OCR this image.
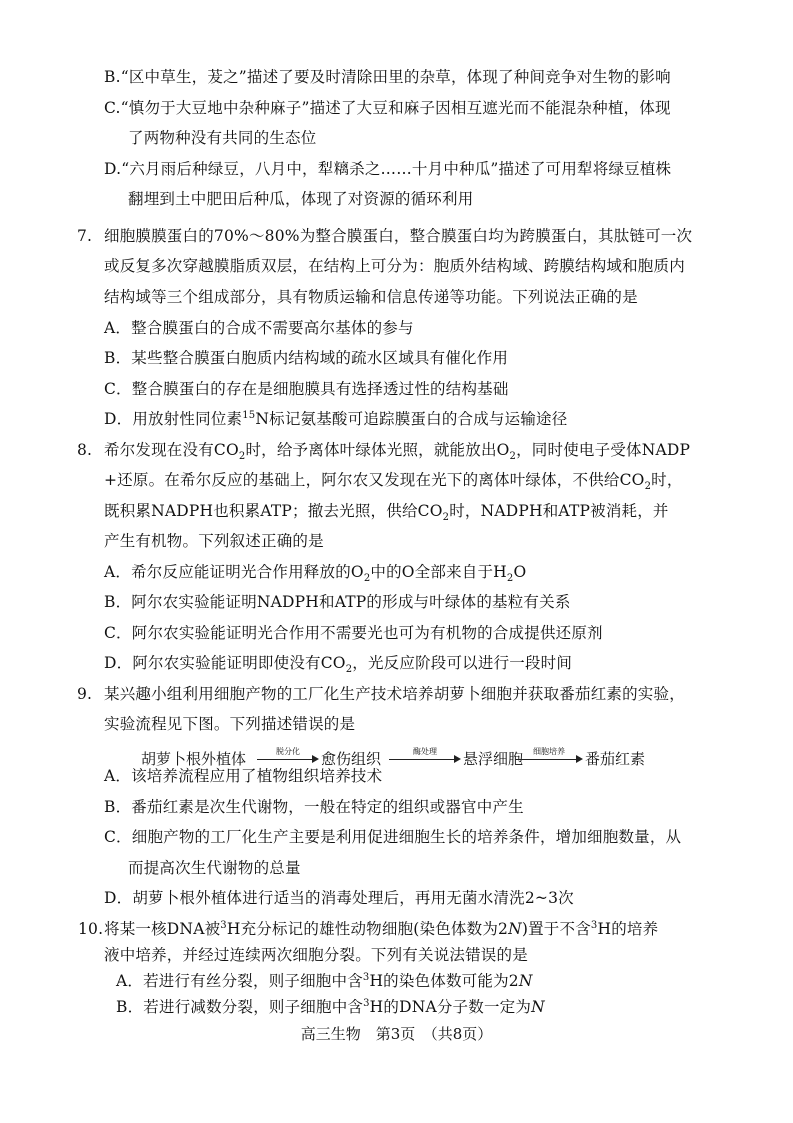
B.“区中草生，茇之”描述了要及时清除田里的杂草，体现了种间竞争对生物的影响
C.“慎勿于大豆地中杂种麻子”描述了大豆和麻子因相互遮光而不能混杂种植，体现
了两物种没有共同的生态位
D.“六月雨后种绿豆，八月中，犁𥻿杀之……十月中种瓜”描述了可用犁将绿豆植株
翻埋到土中肥田后种瓜，体现了对资源的循环利用
7. 细胞膜膜蛋白的70%～80%为整合膜蛋白，整合膜蛋白均为跨膜蛋白，其肽链可一次
或反复多次穿越膜脂质双层，在结构上可分为：胞质外结构域、跨膜结构域和胞质内
结构域等三个组成部分，具有物质运输和信息传递等功能。下列说法正确的是
A．整合膜蛋白的合成不需要高尔基体的参与
B．某些整合膜蛋白胞质内结构域的疏水区域具有催化作用
C．整合膜蛋白的存在是细胞膜具有选择透过性的结构基础
D．用放射性同位素$^{15}$N标记氨基酸可追踪膜蛋白的合成与运输途径
8. 希尔发现在没有$CO_2$时，给予离体叶绿体光照，就能放出$O_2$，同时使电子受体NADP
+还原。在希尔反应的基础上，阿尔农又发现在光下的离体叶绿体，不供给$CO_2$时，
既积累NADPH也积累ATP；撤去光照，供给$CO_2$时，NADPH和ATP被消耗，并
产生有机物。下列叙述正确的是
A．希尔反应能证明光合作用释放的$O_2$中的O全部来自于$H_2O$
B．阿尔农实验能证明NADPH和ATP的形成与叶绿体的基粒有关系
C．阿尔农实验能证明光合作用不需要光也可为有机物的合成提供还原剂
D．阿尔农实验能证明即使没有$CO_2$，光反应阶段可以进行一段时间
9. 某兴趣小组利用细胞产物的工厂化生产技术培养胡萝卜细胞并获取番茄红素的实验，
实验流程见下图。下列描述错误的是
胡萝卜根外植体	脱分化	愈伤组织	酶处理	悬浮细胞	细胞培养	番茄红素
A．该培养流程应用了植物组织培养技术
B．番茄红素是次生代谢物，一般在特定的组织或器官中产生
C．细胞产物的工厂化生产主要是利用促进细胞生长的培养条件，增加细胞数量，从
而提高次生代谢物的总量
D．胡萝卜根外植体进行适当的消毒处理后，再用无菌水清洗2~3次
10. 将某一核DNA被$^3$H充分标记的雄性动物细胞(染色体数为2N)置于不含$^3$H的培养
液中培养，并经过连续两次细胞分裂。下列有关说法错误的是
A．若进行有丝分裂，则子细胞中含$^3$H的染色体数可能为2N
B．若进行减数分裂，则子细胞中含$^3$H的DNA分子数一定为N
高三生物　第3页　（共8页）
